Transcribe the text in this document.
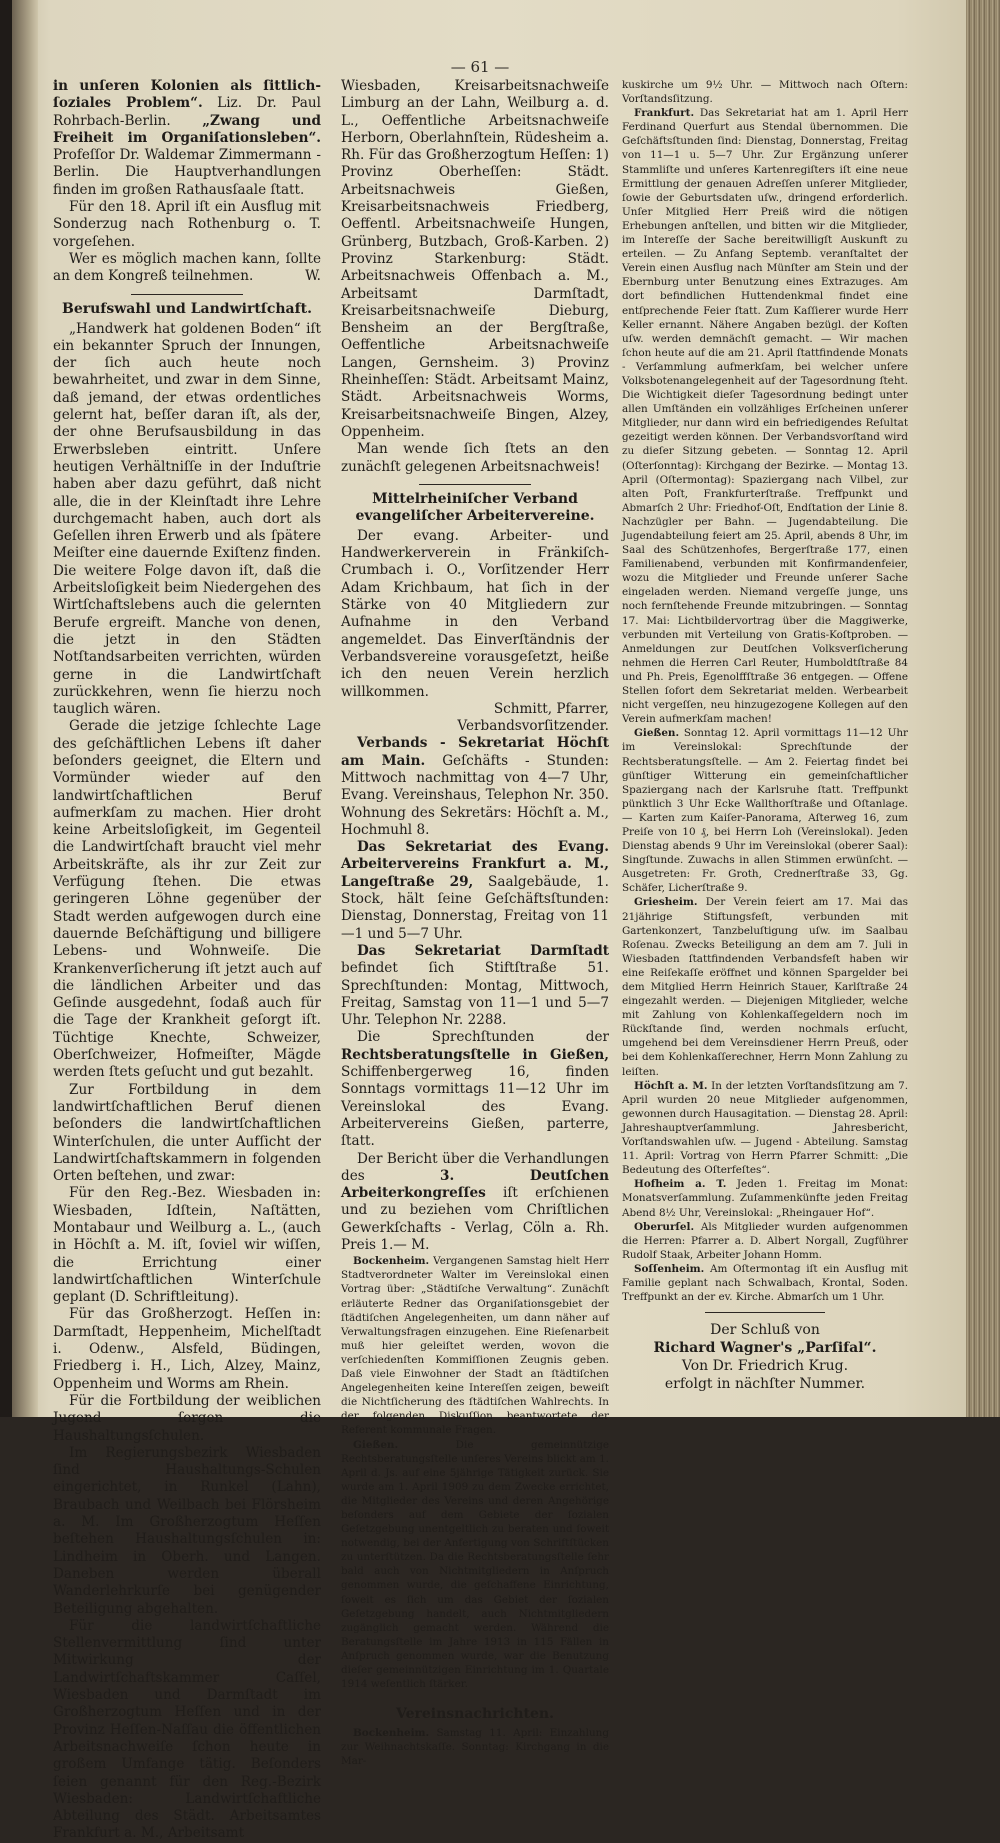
— 61 —

in unſeren Kolonien als ſittlich-ſoziales Problem“. Liz. Dr. Paul Rohrbach-Berlin. „Zwang und Freiheit im Organiſationsleben“. Profeſſor Dr. Waldemar Zimmermann - Berlin. Die Hauptverhandlungen finden im großen Rathausſaale ſtatt.

Für den 18. April iſt ein Ausflug mit Sonderzug nach Rothenburg o. T. vorgeſehen.

Wer es möglich machen kann, ſollte an dem Kongreß teilnehmen.	W.

Berufswahl und Landwirtſchaft.

„Handwerk hat goldenen Boden“ iſt ein bekannter Spruch der Innungen, der ſich auch heute noch bewahrheitet, und zwar in dem Sinne, daß jemand, der etwas ordentliches gelernt hat, beſſer daran iſt, als der, der ohne Berufsausbildung in das Erwerbsleben eintritt. Unſere heutigen Verhältniſſe in der Induſtrie haben aber dazu geführt, daß nicht alle, die in der Kleinſtadt ihre Lehre durchgemacht haben, auch dort als Geſellen ihren Erwerb und als ſpätere Meiſter eine dauernde Exiſtenz finden. Die weitere Folge davon iſt, daß die Arbeitsloſigkeit beim Niedergehen des Wirtſchaftslebens auch die gelernten Berufe ergreift. Manche von denen, die jetzt in den Städten Notſtandsarbeiten verrichten, würden gerne in die Landwirtſchaft zurückkehren, wenn ſie hierzu noch tauglich wären.

Gerade die jetzige ſchlechte Lage des geſchäftlichen Lebens iſt daher beſonders geeignet, die Eltern und Vormünder wieder auf den landwirtſchaftlichen Beruf aufmerkſam zu machen. Hier droht keine Arbeitsloſigkeit, im Gegenteil die Landwirtſchaft braucht viel mehr Arbeitskräfte, als ihr zur Zeit zur Verfügung ſtehen. Die etwas geringeren Löhne gegenüber der Stadt werden aufgewogen durch eine dauernde Beſchäftigung und billigere Lebens- und Wohnweiſe. Die Krankenverſicherung iſt jetzt auch auf die ländlichen Arbeiter und das Geſinde ausgedehnt, ſodaß auch für die Tage der Krankheit geſorgt iſt. Tüchtige Knechte, Schweizer, Oberſchweizer, Hofmeiſter, Mägde werden ſtets geſucht und gut bezahlt.

Zur Fortbildung in dem landwirtſchaftlichen Beruf dienen beſonders die landwirtſchaftlichen Winterſchulen, die unter Aufſicht der Landwirtſchaftskammern in folgenden Orten beſtehen, und zwar:

Für den Reg.-Bez. Wiesbaden in: Wiesbaden, Idſtein, Naſtätten, Montabaur und Weilburg a. L., (auch in Höchſt a. M. iſt, ſoviel wir wiſſen, die Errichtung einer landwirtſchaftlichen Winterſchule geplant (D. Schriftleitung).

Für das Großherzogt. Heſſen in: Darmſtadt, Heppenheim, Michelſtadt i. Odenw., Alsfeld, Büdingen, Friedberg i. H., Lich, Alzey, Mainz, Oppenheim und Worms am Rhein.

Für die Fortbildung der weiblichen Jugend ſorgen die Haushaltungsſchulen.

Im Regierungsbezirk Wiesbaden ſind Haushaltungs-Schulen eingerichtet, in Runkel (Lahn), Braubach und Weilbach bei Flörsheim a. M. Im Großherzogtum Heſſen beſtehen Haushaltungsſchulen in: Lindheim in Oberh. und Langen. Daneben werden überall Wanderlehrkurſe bei genügender Beteiligung abgehalten.

Für die landwirtſchaftliche Stellenvermittlung ſind unter Mitwirkung der Landwirtſchaftskammer Caſſel, Wiesbaden und Darmſtadt im Großherzogtum Heſſen und in der Provinz Heſſen-Naſſau die öffentlichen Arbeitsnachweiſe ſchon heute in großem Umfange tätig. Beſonders ſeien genannt für den Reg.-Bezirk Wiesbaden: Landwirtſchaftliche Abteilung des Städt. Arbeitsamtes Frankfurt a. M., Arbeitsamt

Wiesbaden, Kreisarbeitsnachweiſe Limburg an der Lahn, Weilburg a. d. L., Oeffentliche Arbeitsnachweiſe Herborn, Oberlahnſtein, Rüdesheim a. Rh. Für das Großherzogtum Heſſen: 1) Provinz Oberheſſen: Städt. Arbeitsnachweis Gießen, Kreisarbeitsnachweis Friedberg, Oeffentl. Arbeitsnachweiſe Hungen, Grünberg, Butzbach, Groß-Karben. 2) Provinz Starkenburg: Städt. Arbeitsnachweis Offenbach a. M., Arbeitsamt Darmſtadt, Kreisarbeitsnachweiſe Dieburg, Bensheim an der Bergſtraße, Oeffentliche Arbeitsnachweiſe Langen, Gernsheim. 3) Provinz Rheinheſſen: Städt. Arbeitsamt Mainz, Städt. Arbeitsnachweis Worms, Kreisarbeitsnachweiſe Bingen, Alzey, Oppenheim.

Man wende ſich ſtets an den zunächſt gelegenen Arbeitsnachweis!

Mittelrheiniſcher Verband evangeliſcher Arbeitervereine.

Der evang. Arbeiter- und Handwerkerverein in Fränkiſch-Crumbach i. O., Vorſitzender Herr Adam Krichbaum, hat ſich in der Stärke von 40 Mitgliedern zur Aufnahme in den Verband angemeldet. Das Einverſtändnis der Verbandsvereine vorausgeſetzt, heiße ich den neuen Verein herzlich willkommen.

Schmitt, Pfarrer,

Verbandsvorſitzender.

Verbands - Sekretariat Höchſt am Main. Geſchäfts - Stunden: Mittwoch nachmittag von 4—7 Uhr, Evang. Vereinshaus, Telephon Nr. 350. Wohnung des Sekretärs: Höchſt a. M., Hochmuhl 8.

Das Sekretariat des Evang. Arbeitervereins Frankfurt a. M., Langeſtraße 29, Saalgebäude, 1. Stock, hält ſeine Geſchäftsſtunden: Dienstag, Donnerstag, Freitag von 11—1 und 5—7 Uhr.

Das Sekretariat Darmſtadt befindet ſich Stiftſtraße 51. Sprechſtunden: Montag, Mittwoch, Freitag, Samstag von 11—1 und 5—7 Uhr. Telephon Nr. 2288.

Die Sprechſtunden der Rechtsberatungsſtelle in Gießen, Schiffenbergerweg 16, finden Sonntags vormittags 11—12 Uhr im Vereinslokal des Evang. Arbeitervereins Gießen, parterre, ſtatt.

Der Bericht über die Verhandlungen des 3. Deutſchen Arbeiterkongreſſes iſt erſchienen und zu beziehen vom Chriſtlichen Gewerkſchafts - Verlag, Cöln a. Rh. Preis 1.— M.

Bockenheim. Vergangenen Samstag hielt Herr Stadtverordneter Walter im Vereinslokal einen Vortrag über: „Städtiſche Verwaltung“. Zunächſt erläuterte Redner das Organiſationsgebiet der ſtädtiſchen Angelegenheiten, um dann näher auf Verwaltungsfragen einzugehen. Eine Rieſenarbeit muß hier geleiſtet werden, wovon die verſchiedenſten Kommiſſionen Zeugnis geben. Daß viele Einwohner der Stadt an ſtädtiſchen Angelegenheiten keine Intereſſen zeigen, beweiſt die Nichtſicherung des ſtädtiſchen Wahlrechts. In der folgenden Diskuſſion beantwortete der Referent kommunale Fragen.

Gießen. Die gemeinnützige Rechtsberatungsſtelle unſeres Vereins blickt am 1. April d. Js. auf eine 5jährige Tätigkeit zurück. Sie wurde am 1. April 1909 zu dem Zwecke errichtet, die Mitglieder des Vereins und deren Angehörige beſonders auf dem Gebiete der ſozialen Geſetzgebung unentgeltlich zu beraten und ſoweit notwendig, bei der Anfertigung von Schriftſtücken zu unterſtützen. Da die Rechtsberatungsſtelle ſehr bald auch von Nichtmitgliedern in Anſpruch genommen wurde, die geſchaffene Einrichtung, ſoweit es ſich um das Gebiet der ſozialen Geſetzgebung handelt, auch Nichtmitgliedern zugänglich gemacht werden. Während die Beratungsſtelle im Jahre 1913 in 115 Fällen in Anſpruch genommen wurde, war die Benutzung dieſer gemeinnützigen Einrichtung im 1. Quartale 1914 weſentlich ſtärker.

Vereinsnachrichten.

Bockenheim. Samstag 11. April: Einzahlung zur Weihnachtskaſſe. Sonntag: Kirchgang in die Mar-

kuskirche um 9½ Uhr. — Mittwoch nach Oſtern: Vorſtandsſitzung.

Frankfurt. Das Sekretariat hat am 1. April Herr Ferdinand Querfurt aus Stendal übernommen. Die Geſchäftsſtunden ſind: Dienstag, Donnerstag, Freitag von 11—1 u. 5—7 Uhr. Zur Ergänzung unſerer Stammliſte und unſeres Kartenregiſters iſt eine neue Ermittlung der genauen Adreſſen unſerer Mitglieder, ſowie der Geburtsdaten uſw., dringend erforderlich. Unſer Mitglied Herr Preiß wird die nötigen Erhebungen anſtellen, und bitten wir die Mitglieder, im Intereſſe der Sache bereitwilligſt Auskunft zu erteilen. — Zu Anfang Septemb. veranſtaltet der Verein einen Ausflug nach Münſter am Stein und der Ebernburg unter Benutzung eines Extrazuges. Am dort befindlichen Huttendenkmal findet eine entſprechende Feier ſtatt. Zum Kaſſierer wurde Herr Keller ernannt. Nähere Angaben bezügl. der Koſten uſw. werden demnächſt gemacht. — Wir machen ſchon heute auf die am 21. April ſtattfindende Monats - Verſammlung aufmerkſam, bei welcher unſere Volksbotenangelegenheit auf der Tagesordnung ſteht. Die Wichtigkeit dieſer Tagesordnung bedingt unter allen Umſtänden ein vollzähliges Erſcheinen unſerer Mitglieder, nur dann wird ein befriedigendes Reſultat gezeitigt werden können. Der Verbandsvorſtand wird zu dieſer Sitzung gebeten. — Sonntag 12. April (Oſterſonntag): Kirchgang der Bezirke. — Montag 13. April (Oſtermontag): Spaziergang nach Vilbel, zur alten Poſt, Frankfurterſtraße. Treffpunkt und Abmarſch 2 Uhr: Friedhof-Oſt, Endſtation der Linie 8. Nachzügler per Bahn. — Jugendabteilung. Die Jugendabteilung feiert am 25. April, abends 8 Uhr, im Saal des Schützenhofes, Bergerſtraße 177, einen Familienabend, verbunden mit Konfirmandenfeier, wozu die Mitglieder und Freunde unſerer Sache eingeladen werden. Niemand vergeſſe junge, uns noch fernſtehende Freunde mitzubringen. — Sonntag 17. Mai: Lichtbildervortrag über die Maggiwerke, verbunden mit Verteilung von Gratis-Koſtproben. — Anmeldungen zur Deutſchen Volksverſicherung nehmen die Herren Carl Reuter, Humboldtſtraße 84 und Ph. Preis, Egenolffſtraße 36 entgegen. — Offene Stellen ſofort dem Sekretariat melden. Werbearbeit nicht vergeſſen, neu hinzugezogene Kollegen auf den Verein aufmerkſam machen!

Gießen. Sonntag 12. April vormittags 11—12 Uhr im Vereinslokal: Sprechſtunde der Rechtsberatungsſtelle. — Am 2. Feiertag findet bei günſtiger Witterung ein gemeinſchaftlicher Spaziergang nach der Karlsruhe ſtatt. Treffpunkt pünktlich 3 Uhr Ecke Wallthorſtraße und Oſtanlage. — Karten zum Kaiſer-Panorama, Aſterweg 16, zum Preiſe von 10 ₰, bei Herrn Loh (Vereinslokal). Jeden Dienstag abends 9 Uhr im Vereinslokal (oberer Saal): Singſtunde. Zuwachs in allen Stimmen erwünſcht. — Ausgetreten: Fr. Groth, Crednerſtraße 33, Gg. Schäfer, Licherſtraße 9.

Griesheim. Der Verein feiert am 17. Mai das 21jährige Stiftungsfeſt, verbunden mit Gartenkonzert, Tanzbeluſtigung uſw. im Saalbau Roſenau. Zwecks Beteiligung an dem am 7. Juli in Wiesbaden ſtattfindenden Verbandsfeſt haben wir eine Reiſekaſſe eröffnet und können Spargelder bei dem Mitglied Herrn Heinrich Stauer, Karlſtraße 24 eingezahlt werden. — Diejenigen Mitglieder, welche mit Zahlung von Kohlenkaſſegeldern noch im Rückſtande ſind, werden nochmals erſucht, umgehend bei dem Vereinsdiener Herrn Preuß, oder bei dem Kohlenkaſſerechner, Herrn Monn Zahlung zu leiſten.

Höchſt a. M. In der letzten Vorſtandsſitzung am 7. April wurden 20 neue Mitglieder aufgenommen, gewonnen durch Hausagitation. — Dienstag 28. April: Jahreshauptverſammlung. Jahresbericht, Vorſtandswahlen uſw. — Jugend - Abteilung. Samstag 11. April: Vortrag von Herrn Pfarrer Schmitt: „Die Bedeutung des Oſterfeſtes“.

Hofheim a. T. Jeden 1. Freitag im Monat: Monatsverſammlung. Zuſammenkünfte jeden Freitag Abend 8½ Uhr, Vereinslokal: „Rheingauer Hof“.

Oberurſel. Als Mitglieder wurden aufgenommen die Herren: Pfarrer a. D. Albert Norgall, Zugführer Rudolf Staak, Arbeiter Johann Homm.

Soſſenheim. Am Oſtermontag iſt ein Ausflug mit Familie geplant nach Schwalbach, Krontal, Soden. Treffpunkt an der ev. Kirche. Abmarſch um 1 Uhr.

Der Schluß von
Richard Wagner's „Parſifal“.
Von Dr. Friedrich Krug.
erfolgt in nächſter Nummer.
